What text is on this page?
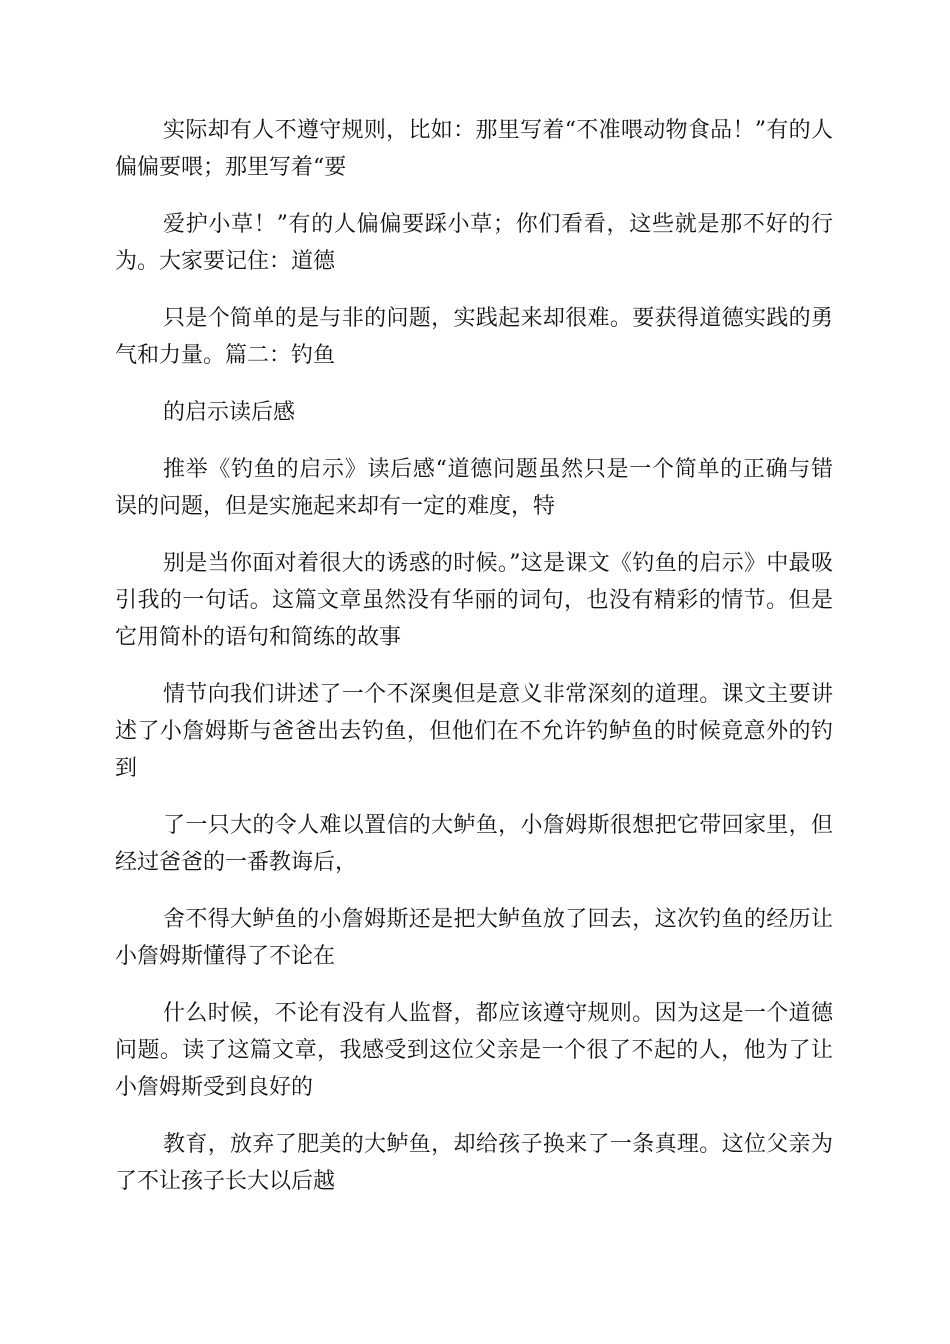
实际却有人不遵守规则，比如：那里写着“不准喂动物食品！”有的人偏偏要喂；那里写着“要

爱护小草！”有的人偏偏要踩小草；你们看看，这些就是那不好的行为。大家要记住：道德

只是个简单的是与非的问题，实践起来却很难。要获得道德实践的勇气和力量。篇二：钓鱼

的启示读后感

推举《钓鱼的启示》读后感“道德问题虽然只是一个简单的正确与错误的问题，但是实施起来却有一定的难度，特

别是当你面对着很大的诱惑的时候。”这是课文《钓鱼的启示》中最吸引我的一句话。这篇文章虽然没有华丽的词句，也没有精彩的情节。但是它用简朴的语句和简练的故事

情节向我们讲述了一个不深奥但是意义非常深刻的道理。课文主要讲述了小詹姆斯与爸爸出去钓鱼，但他们在不允许钓鲈鱼的时候竟意外的钓到

了一只大的令人难以置信的大鲈鱼，小詹姆斯很想把它带回家里，但经过爸爸的一番教诲后，

舍不得大鲈鱼的小詹姆斯还是把大鲈鱼放了回去，这次钓鱼的经历让小詹姆斯懂得了不论在

什么时候，不论有没有人监督，都应该遵守规则。因为这是一个道德问题。读了这篇文章，我感受到这位父亲是一个很了不起的人，他为了让小詹姆斯受到良好的

教育，放弃了肥美的大鲈鱼，却给孩子换来了一条真理。这位父亲为了不让孩子长大以后越
